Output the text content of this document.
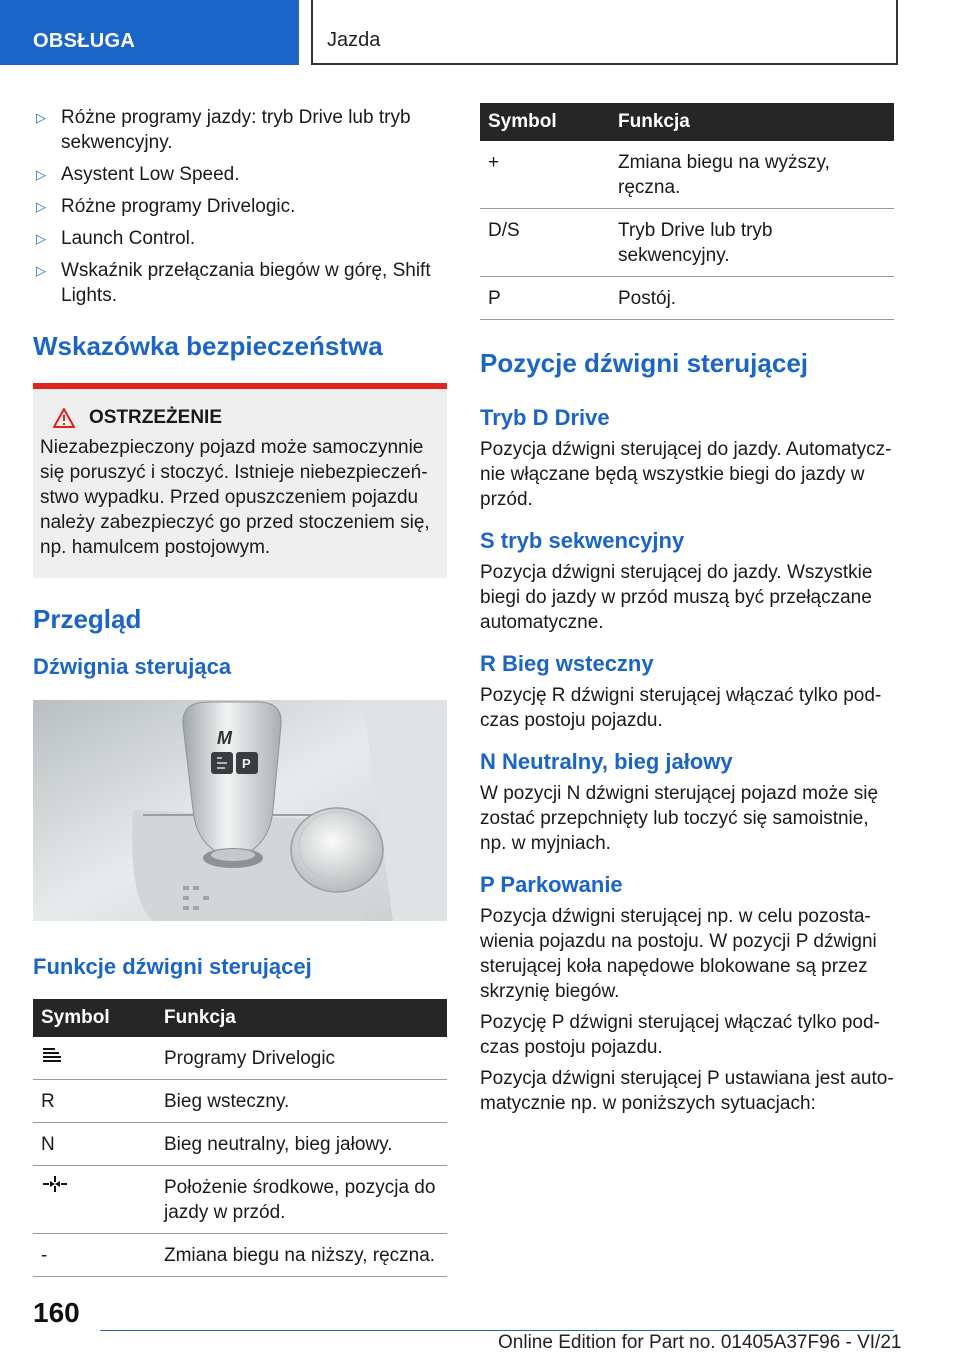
OBSŁUGA	Jazda
▷ Różne programy jazdy: tryb Drive lub tryb sekwencyjny.
▷ Asystent Low Speed.
▷ Różne programy Drivelogic.
▷ Launch Control.
▷ Wskaźnik przełączania biegów w górę, Shift Lights.
Wskazówka bezpieczeństwa
OSTRZEŻENIE

Niezabezpieczony pojazd może samoczynnie się poruszyć i stoczyć. Istnieje niebezpieczeństwo wypadku. Przed opuszczeniem pojazdu należy zabezpieczyć go przed stoczeniem się, np. hamulcem postojowym.

Przegląd
Dźwignia sterująca
M
P
Funkcje dźwigni sterującej
Symbol	Funkcja
	Programy Drivelogic
R	Bieg wsteczny.
N	Bieg neutralny, bieg jałowy.
	Położenie środkowe, pozycja do jazdy w przód.
-	Zmiana biegu na niższy, ręczna.
Symbol	Funkcja
+	Zmiana biegu na wyższy, ręczna.
D/S	Tryb Drive lub tryb sekwencyjny.
P	Postój.
Pozycje dźwigni sterującej
Tryb D Drive

Pozycja dźwigni sterującej do jazdy. Automatycznie włączane będą wszystkie biegi do jazdy w przód.

S tryb sekwencyjny

Pozycja dźwigni sterującej do jazdy. Wszystkie biegi do jazdy w przód muszą być przełączane automatyczne.

R Bieg wsteczny

Pozycję R dźwigni sterującej włączać tylko podczas postoju pojazdu.

N Neutralny, bieg jałowy

W pozycji N dźwigni sterującej pojazd może się zostać przepchnięty lub toczyć się samoistnie, np. w myjniach.

P Parkowanie

Pozycja dźwigni sterującej np. w celu pozostawienia pojazdu na postoju. W pozycji P dźwigni sterującej koła napędowe blokowane są przez skrzynię biegów.

Pozycję P dźwigni sterującej włączać tylko podczas postoju pojazdu.

Pozycja dźwigni sterującej P ustawiana jest automatycznie np. w poniższych sytuacjach:

160
Online Edition for Part no. 01405A37F96 - VI/21
